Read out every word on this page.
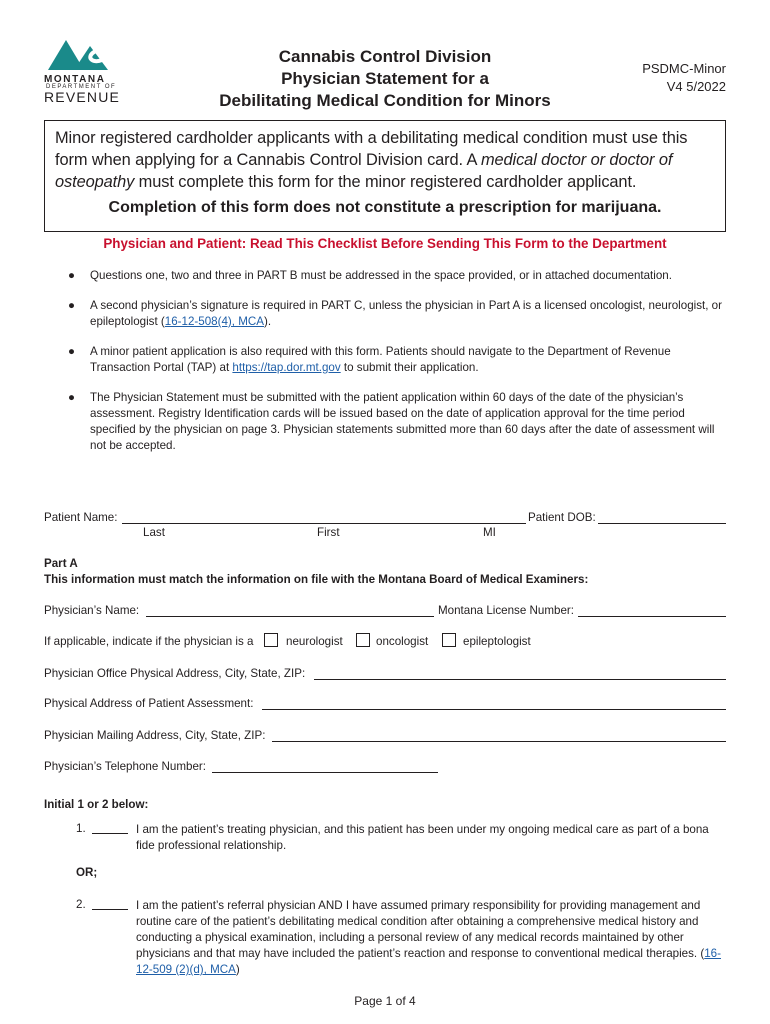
MONTANA
DEPARTMENT OF
REVENUE
Cannabis Control Division
Physician Statement for a
Debilitating Medical Condition for Minors
PSDMC-Minor
V4 5/2022

Minor registered cardholder applicants with a debilitating medical condition must use this form when applying for a Cannabis Control Division card. A medical doctor or doctor of osteopathy must complete this form for the minor registered cardholder applicant.

Completion of this form does not constitute a prescription for marijuana.
Physician and Patient: Read This Checklist Before Sending This Form to the Department
● Questions one, two and three in PART B must be addressed in the space provided, or in attached documentation.
● A second physician’s signature is required in PART C, unless the physician in Part A is a licensed oncologist, neurologist, or epileptologist (16-12-508(4), MCA).
● A minor patient application is also required with this form. Patients should navigate to the Department of Revenue Transaction Portal (TAP) at https://tap.dor.mt.gov to submit their application.
● The Physician Statement must be submitted with the patient application within 60 days of the date of the physician’s assessment. Registry Identification cards will be issued based on the date of application approval for the time period specified by the physician on page 3. Physician statements submitted more than 60 days after the date of assessment will not be accepted.
Patient Name:	Patient DOB:
Last	First	MI
Part A
This information must match the information on file with the Montana Board of Medical Examiners:
Physician’s Name:	Montana License Number:
If applicable, indicate if the physician is a	neurologist	oncologist	epileptologist
Physician Office Physical Address, City, State, ZIP:
Physical Address of Patient Assessment:
Physician Mailing Address, City, State, ZIP:
Physician’s Telephone Number:
Initial 1 or 2 below:
1.	I am the patient’s treating physician, and this patient has been under my ongoing medical care as part of a bona fide professional relationship.
OR;
2.	I am the patient’s referral physician AND I have assumed primary responsibility for providing management and routine care of the patient’s debilitating medical condition after obtaining a comprehensive medical history and conducting a physical examination, including a personal review of any medical records maintained by other physicians and that may have included the patient’s reaction and response to conventional medical therapies. (16-12-509 (2)(d), MCA)
Page 1 of 4
